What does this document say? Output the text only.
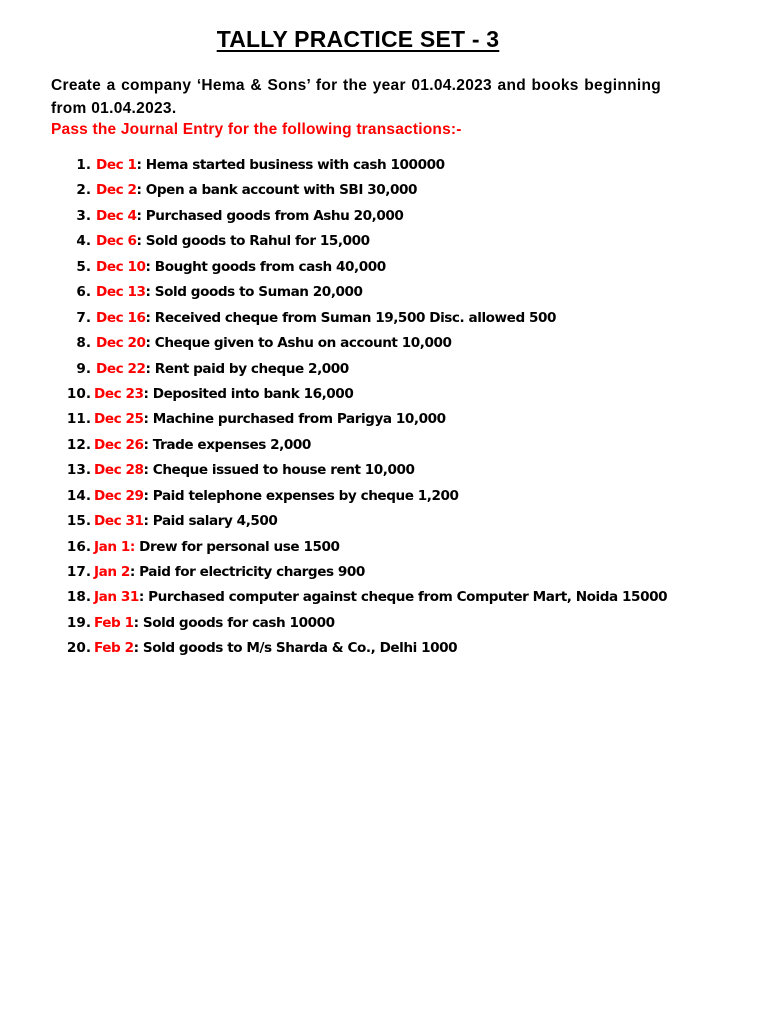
TALLY PRACTICE SET - 3
Create a company ‘Hema & Sons’ for the year 01.04.2023 and books beginning from 01.04.2023.
Pass the Journal Entry for the following transactions:-
1. Dec 1: Hema started business with cash 100000
2. Dec 2: Open a bank account with SBI 30,000
3. Dec 4: Purchased goods from Ashu 20,000
4. Dec 6: Sold goods to Rahul for 15,000
5. Dec 10: Bought goods from cash 40,000
6. Dec 13: Sold goods to Suman 20,000
7. Dec 16: Received cheque from Suman 19,500 Disc. allowed 500
8. Dec 20: Cheque given to Ashu on account 10,000
9. Dec 22: Rent paid by cheque 2,000
10. Dec 23: Deposited into bank 16,000
11. Dec 25: Machine purchased from Parigya 10,000
12. Dec 26: Trade expenses 2,000
13. Dec 28: Cheque issued to house rent 10,000
14. Dec 29: Paid telephone expenses by cheque 1,200
15. Dec 31: Paid salary 4,500
16. Jan 1: Drew for personal use 1500
17. Jan 2: Paid for electricity charges 900
18. Jan 31: Purchased computer against cheque from Computer Mart, Noida 15000
19. Feb 1: Sold goods for cash 10000
20. Feb 2: Sold goods to M/s Sharda & Co., Delhi 1000
